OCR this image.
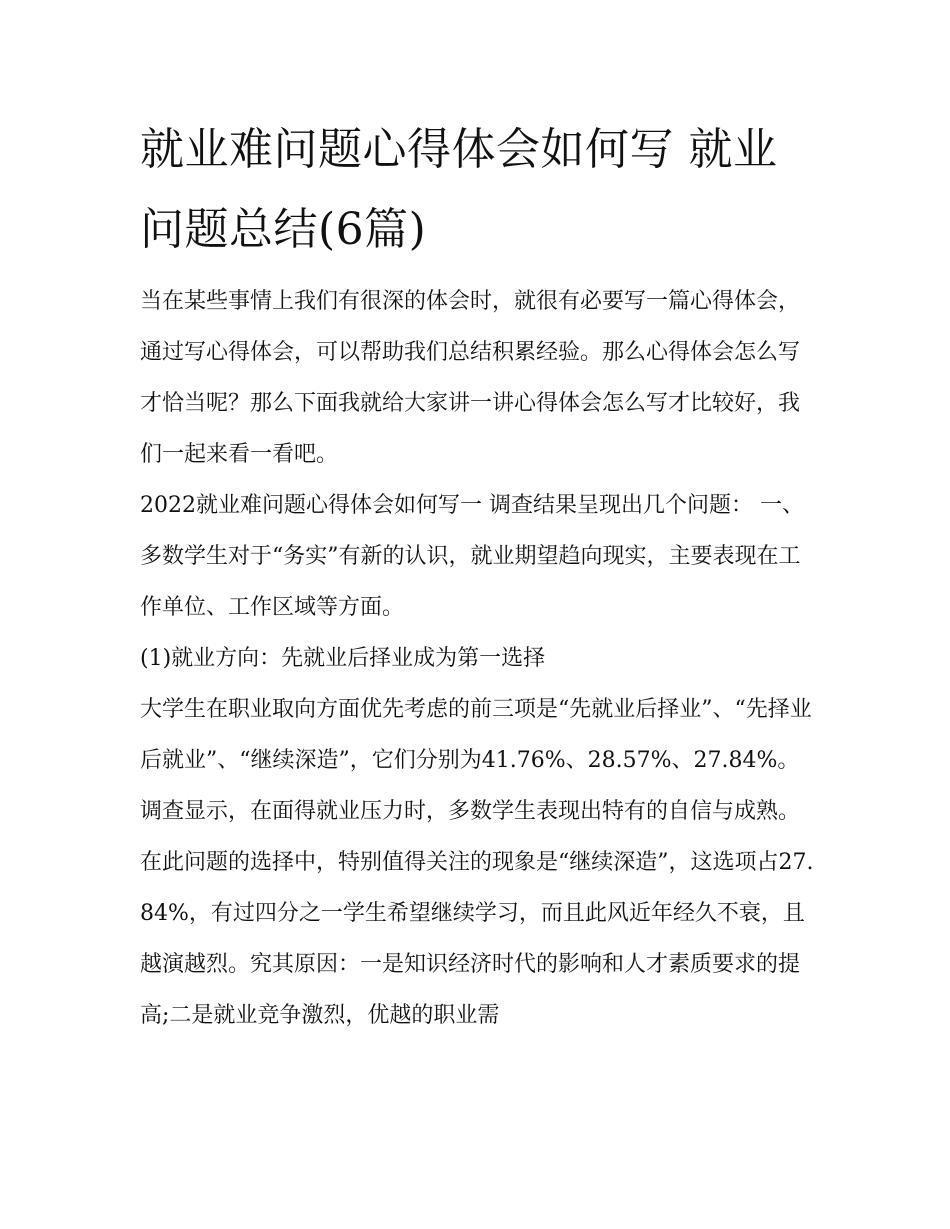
就业难问题心得体会如何写 就业问题总结(6篇)

当在某些事情上我们有很深的体会时，就很有必要写一篇心得体会，通过写心得体会，可以帮助我们总结积累经验。那么心得体会怎么写才恰当呢？那么下面我就给大家讲一讲心得体会怎么写才比较好，我们一起来看一看吧。

2022就业难问题心得体会如何写一 调查结果呈现出几个问题： 一、多数学生对于“务实”有新的认识，就业期望趋向现实，主要表现在工作单位、工作区域等方面。

(1)就业方向：先就业后择业成为第一选择

大学生在职业取向方面优先考虑的前三项是“先就业后择业”、“先择业后就业”、“继续深造”，它们分别为41.76%、28.57%、27.84%。调查显示，在面得就业压力时，多数学生表现出特有的自信与成熟。

在此问题的选择中，特别值得关注的现象是“继续深造”，这选项占27.84%，有过四分之一学生希望继续学习，而且此风近年经久不衰，且越演越烈。究其原因：一是知识经济时代的影响和人才素质要求的提高;二是就业竞争激烈，优越的职业需
